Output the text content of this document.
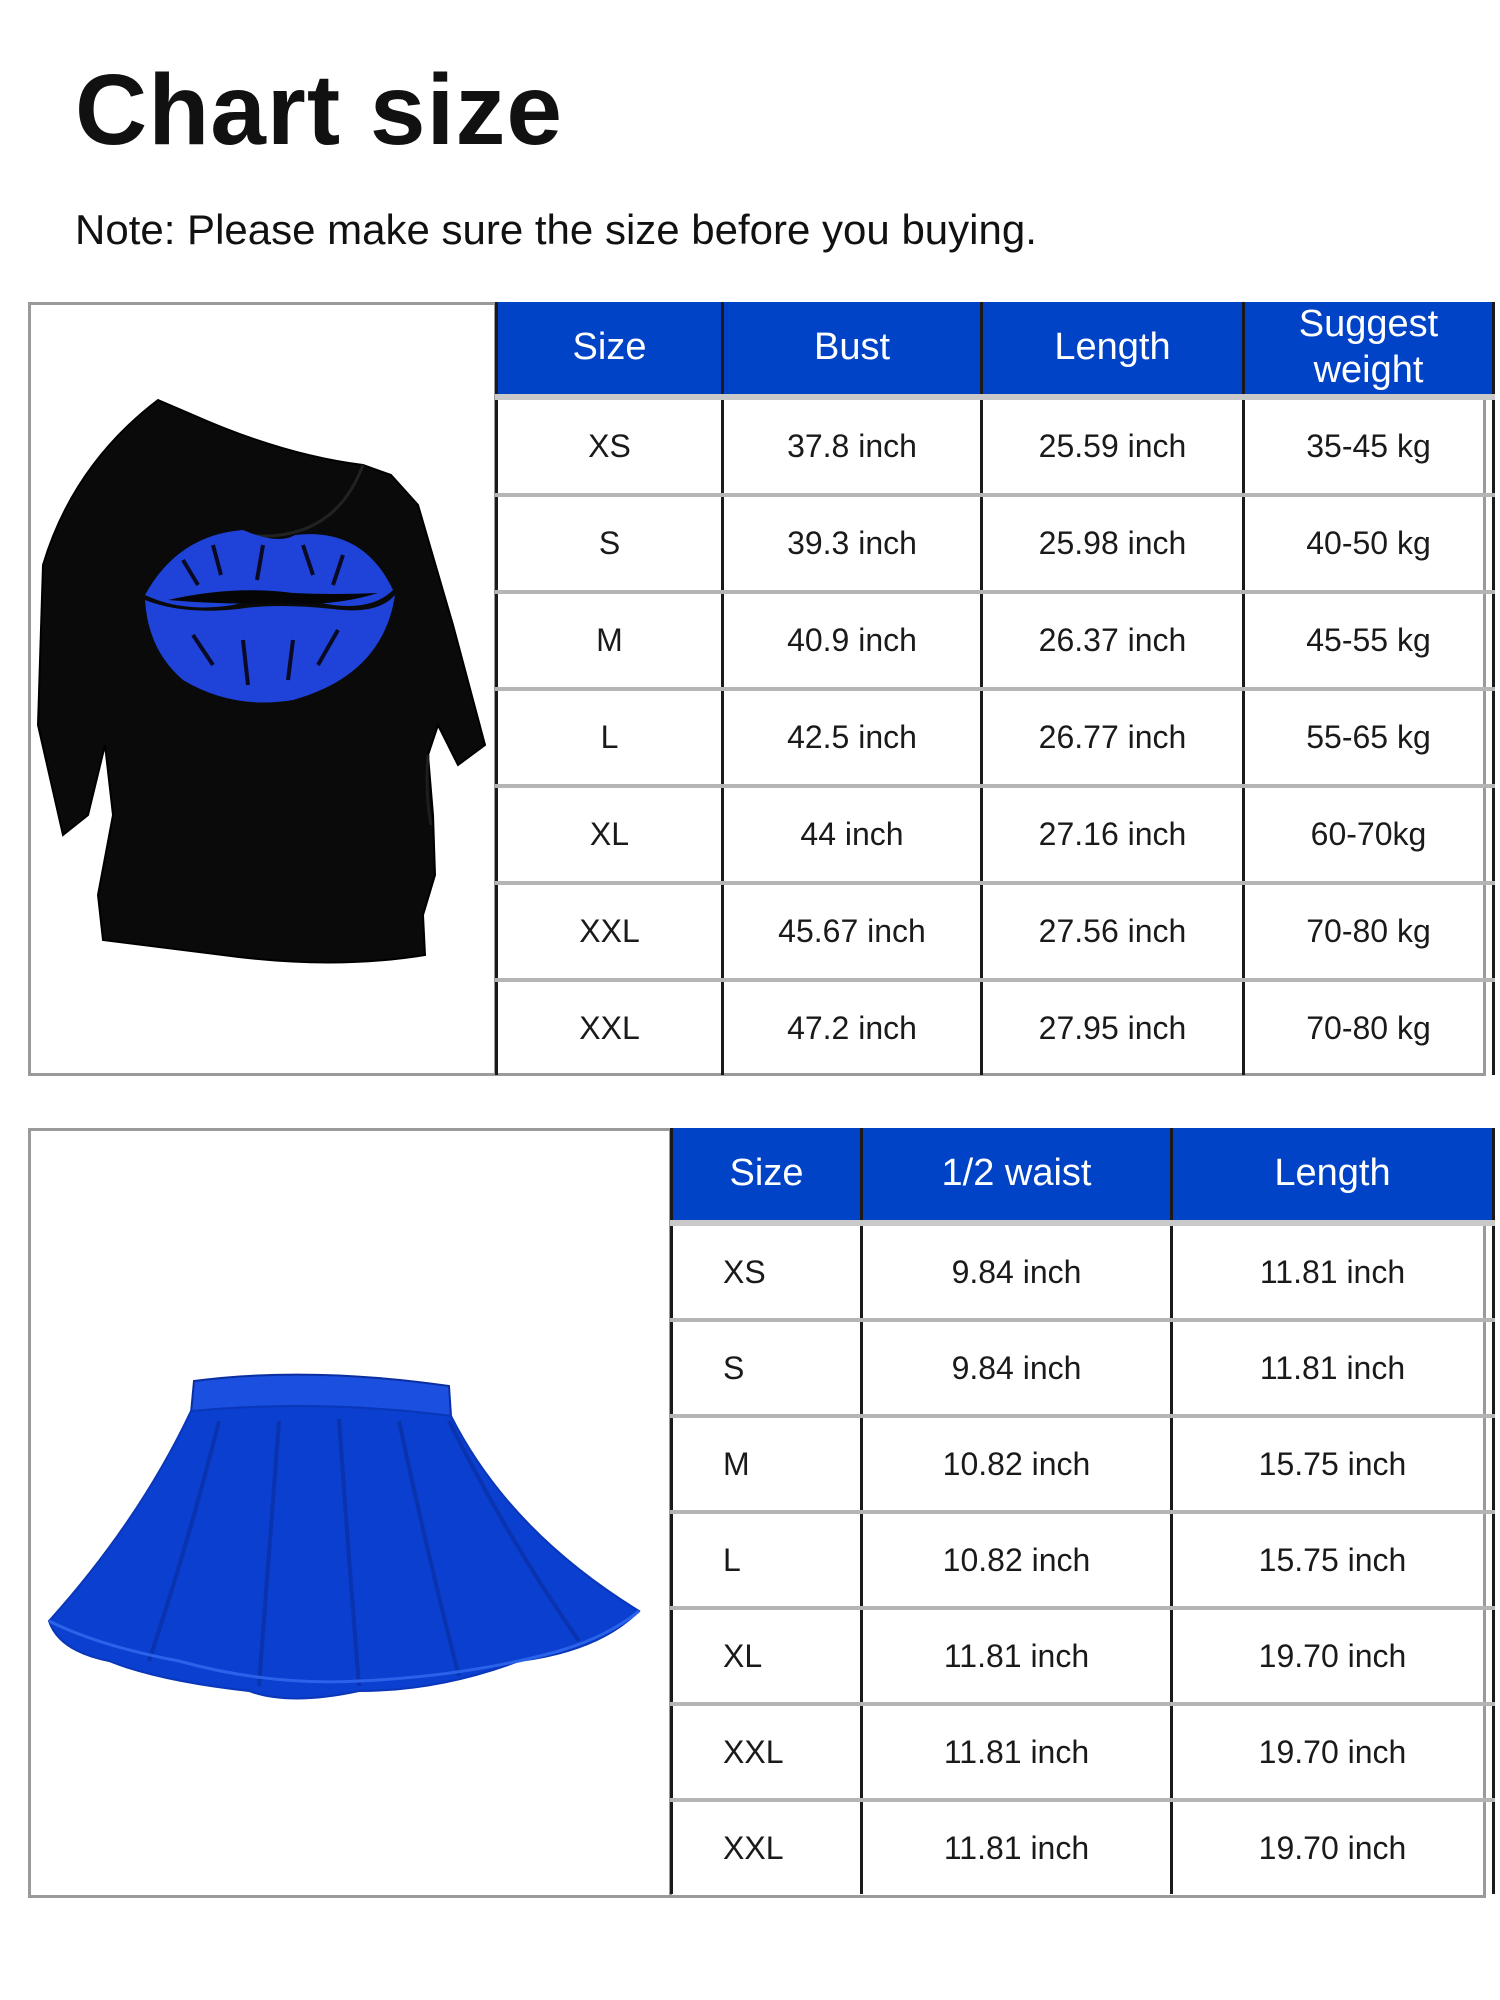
Chart size
Note: Please make sure the size before you buying.
Size	Bust	Length	Suggest weight
XS	37.8 inch	25.59 inch	35-45 kg
S	39.3 inch	25.98 inch	40-50 kg
M	40.9 inch	26.37 inch	45-55 kg
L	42.5 inch	26.77 inch	55-65 kg
XL	44 inch	27.16 inch	60-70kg
XXL	45.67 inch	27.56 inch	70-80 kg
XXL	47.2 inch	27.95 inch	70-80 kg
Size	1/2 waist	Length
XS	9.84 inch	11.81 inch
S	9.84 inch	11.81 inch
M	10.82 inch	15.75 inch
L	10.82 inch	15.75 inch
XL	11.81 inch	19.70 inch
XXL	11.81 inch	19.70 inch
XXL	11.81 inch	19.70 inch
